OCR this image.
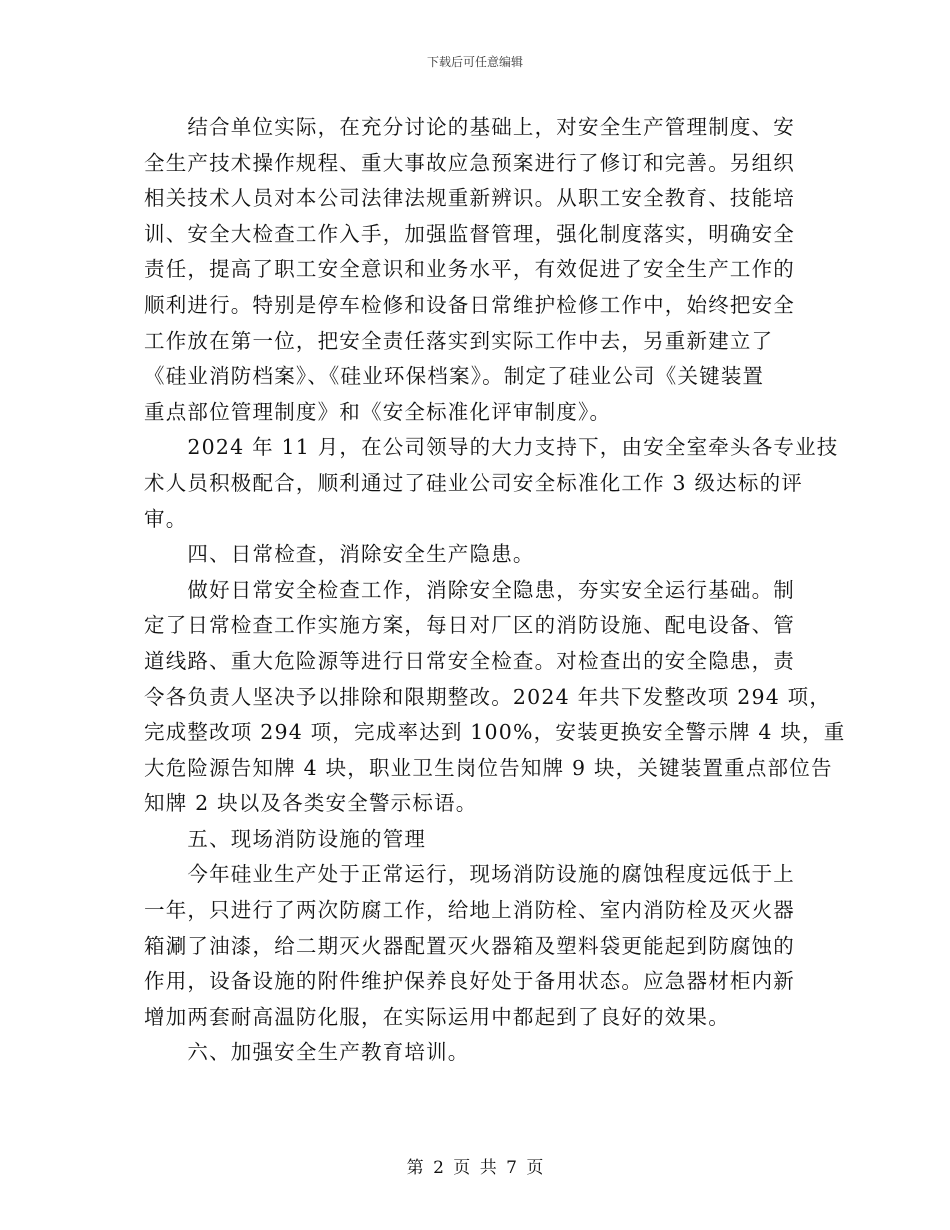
下载后可任意编辑
　　结合单位实际，在充分讨论的基础上，对安全生产管理制度、安
全生产技术操作规程、重大事故应急预案进行了修订和完善。另组织
相关技术人员对本公司法律法规重新辨识。从职工安全教育、技能培
训、安全大检查工作入手，加强监督管理，强化制度落实，明确安全
责任，提高了职工安全意识和业务水平，有效促进了安全生产工作的
顺利进行。特别是停车检修和设备日常维护检修工作中，始终把安全
工作放在第一位，把安全责任落实到实际工作中去，另重新建立了
《硅业消防档案》、《硅业环保档案》。制定了硅业公司《关键装置
重点部位管理制度》和《安全标准化评审制度》。
　　2024 年 11 月，在公司领导的大力支持下，由安全室牵头各专业技
术人员积极配合，顺利通过了硅业公司安全标准化工作 3 级达标的评
审。
　　四、日常检查，消除安全生产隐患。
　　做好日常安全检查工作，消除安全隐患，夯实安全运行基础。制
定了日常检查工作实施方案，每日对厂区的消防设施、配电设备、管
道线路、重大危险源等进行日常安全检查。对检查出的安全隐患，责
令各负责人坚决予以排除和限期整改。2024 年共下发整改项 294 项，
完成整改项 294 项，完成率达到 100%，安装更换安全警示牌 4 块，重
大危险源告知牌 4 块，职业卫生岗位告知牌 9 块，关键装置重点部位告
知牌 2 块以及各类安全警示标语。
　　五、现场消防设施的管理
　　今年硅业生产处于正常运行，现场消防设施的腐蚀程度远低于上
一年，只进行了两次防腐工作，给地上消防栓、室内消防栓及灭火器
箱涮了油漆，给二期灭火器配置灭火器箱及塑料袋更能起到防腐蚀的
作用，设备设施的附件维护保养良好处于备用状态。应急器材柜内新
增加两套耐高温防化服，在实际运用中都起到了良好的效果。
　　六、加强安全生产教育培训。
第 2 页 共 7 页
